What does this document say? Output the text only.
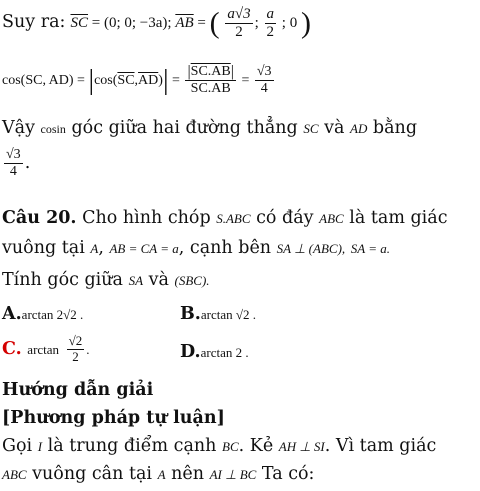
Suy ra: $\overline{SC} = (0$; 0; −3a); $\overline{AB}$ = ( $\frac{a√3}{2}$ ; $\frac{a}{2}$ ; 0 )
cos(SC, $AD) = |\cos(\overline{SC},\overline{AD})| = \frac{|SC.AB|}{SC.AB} = \frac{√3}{4}$
Vậy cosin góc giữa hai đường thẳng SC và AD bằng
$\frac{√3}{4}$ .
Câu 20. Cho hình chóp S.ABC có đáy ABC là tam giác
vuông tại A, AB = CA = a, cạnh bên SA ⊥ (ABC), SA = a.
Tính góc giữa SA và (SBC).
A.arctan 2√2 .	B.arctan √2 .
C. $\arctan \frac{√2}{2}$ .	D.arctan 2 .
Hướng dẫn giải
[Phương pháp tự luận]
Gọi I là trung điểm cạnh BC. Kẻ AH ⊥ SI. Vì tam giác
ABC vuông cân tại A nên AI ⊥ BC Ta có:
